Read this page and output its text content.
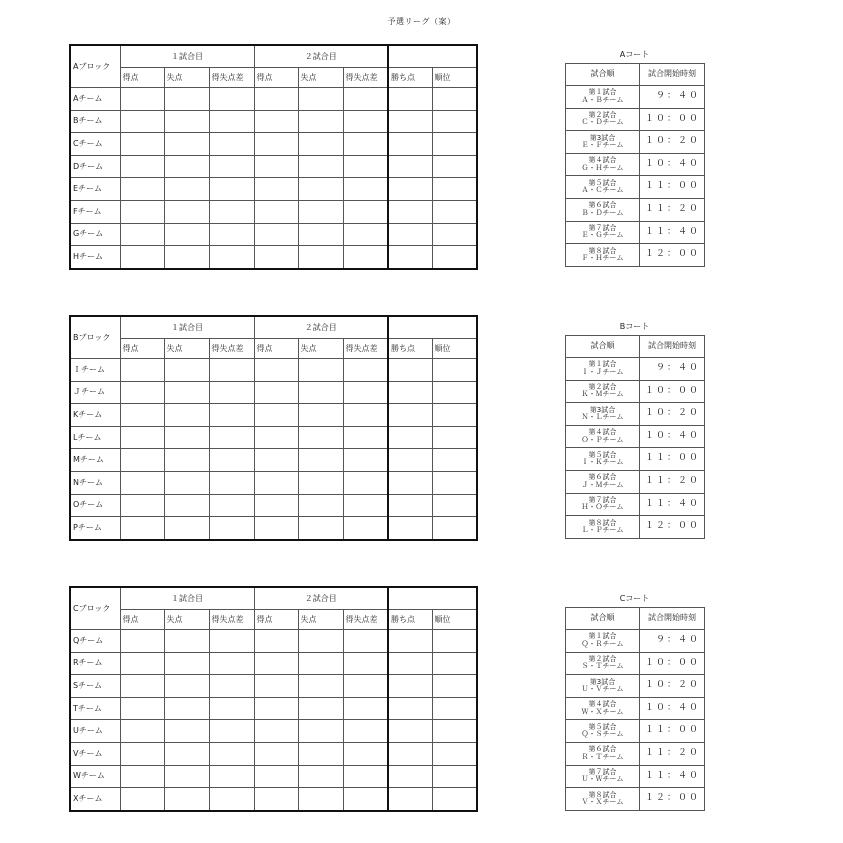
予選リーグ（案）
Aブロック	１試合目			２試合目				
	得点	失点	得失点差	得点	失点	得失点差	勝ち点	順位
Aチーム								
Bチーム								
Cチーム								
Dチーム								
Eチーム								
Fチーム								
Gチーム								
Hチーム								
Bブロック	１試合目			２試合目				
	得点	失点	得失点差	得点	失点	得失点差	勝ち点	順位
Ｉチーム								
Ｊチーム								
Kチーム								
Lチーム								
Mチーム								
Nチーム								
Oチーム								
Pチーム								
Cブロック	１試合目			２試合目				
	得点	失点	得失点差	得点	失点	得失点差	勝ち点	順位
Qチーム								
Rチーム								
Sチーム								
Tチーム								
Uチーム								
Vチーム								
Wチーム								
Xチーム								
Aコート
試合順	試合開始時刻

第１試合
Ａ・Ｂチーム	９：４０

第２試合
Ｃ・Ｄチーム	１０：００

第3試合
Ｅ・Ｆチーム	１０：２０

第４試合
Ｇ・Ｈチーム	１０：４０

第５試合
Ａ・Ｃチーム	１１：００

第６試合
Ｂ・Ｄチーム	１１：２０

第７試合
Ｅ・Ｇチーム	１１：４０

第８試合
Ｆ・Ｈチーム	１２：００
Bコート
試合順	試合開始時刻

第１試合
Ｉ・Ｊチーム	９：４０

第２試合
Ｋ・Ｍチーム	１０：００

第3試合
Ｎ・Ｌチーム	１０：２０

第４試合
Ｏ・Ｐチーム	１０：４０

第５試合
Ｉ・Ｋチーム	１１：００

第６試合
Ｊ・Ｍチーム	１１：２０

第７試合
Ｈ・Ｏチーム	１１：４０

第８試合
Ｌ・Ｐチーム	１２：００
Cコート
試合順	試合開始時刻

第１試合
Ｑ・Ｒチーム	９：４０

第２試合
Ｓ・Ｔチーム	１０：００

第3試合
Ｕ・Ｖチーム	１０：２０

第４試合
Ｗ・Ｘチーム	１０：４０

第５試合
Ｑ・Ｓチーム	１１：００

第６試合
Ｒ・Ｔチーム	１１：２０

第７試合
Ｕ・Ｗチーム	１１：４０

第８試合
Ｖ・Ｘチーム	１２：００
